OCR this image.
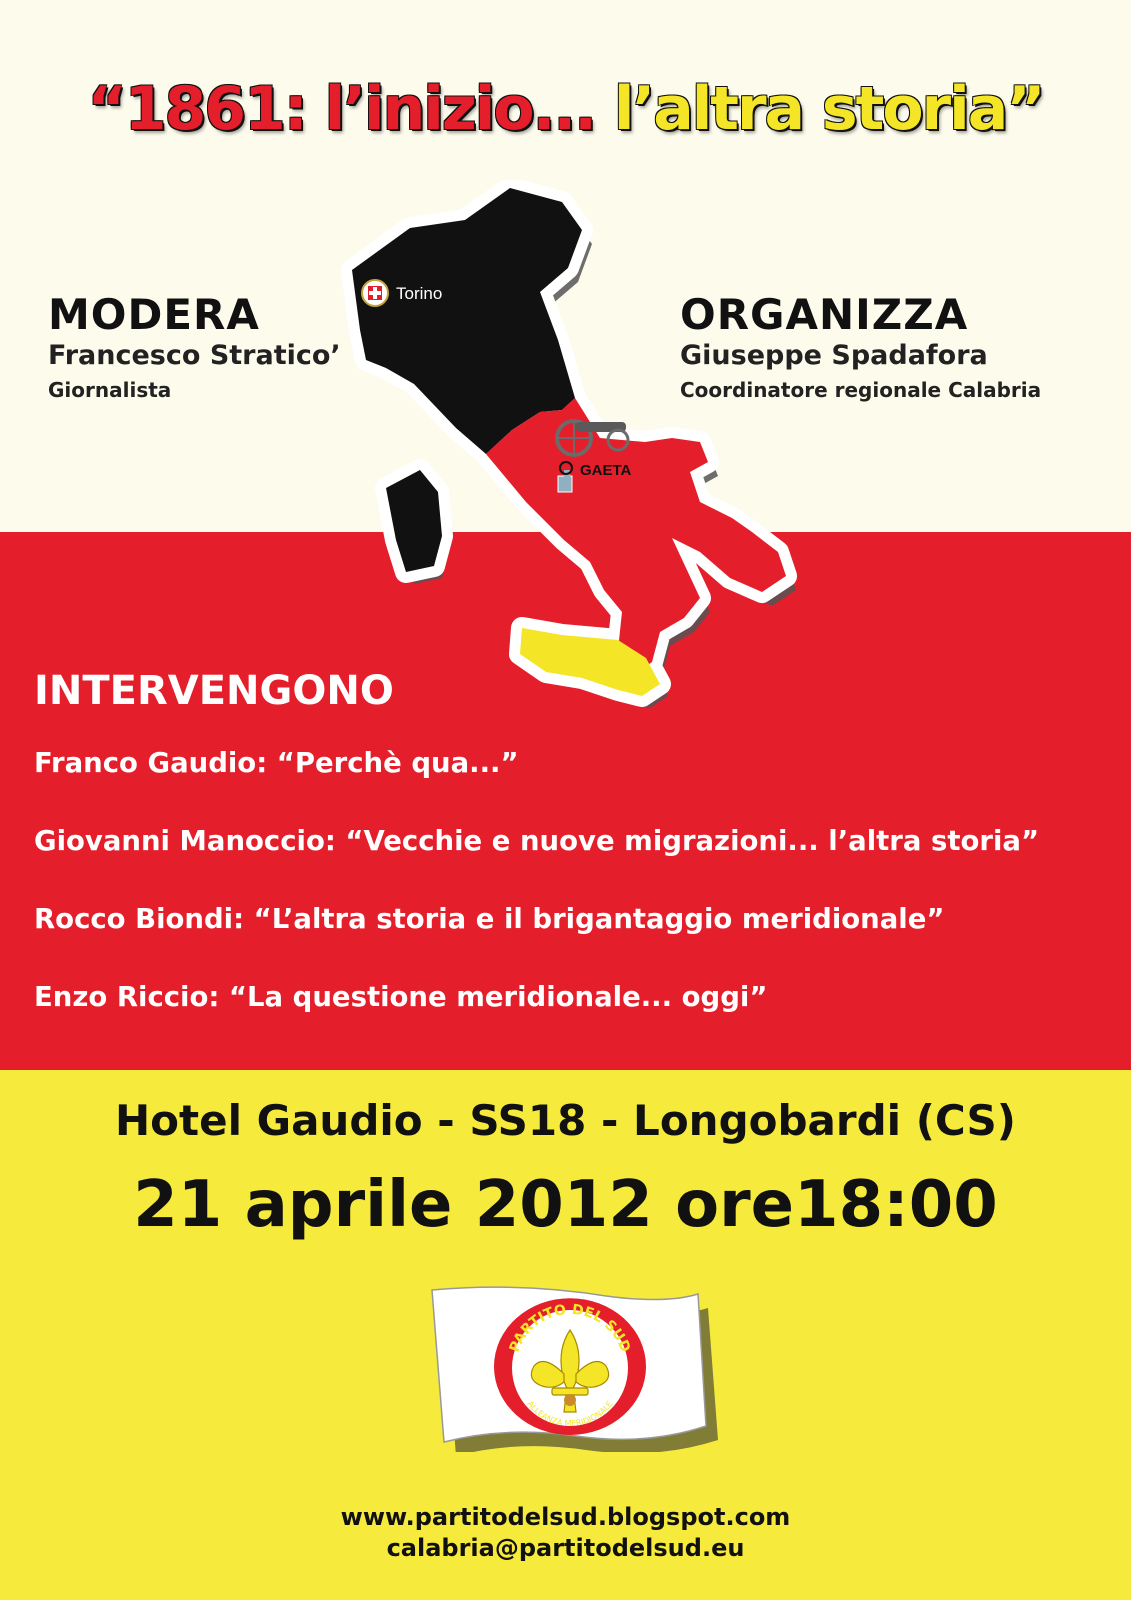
“1861: l’inizio... l’altra storia”
Torino
GAETA
MODERA
Francesco Stratico’
Giornalista
ORGANIZZA
Giuseppe Spadafora
Coordinatore regionale Calabria
INTERVENGONO
Franco Gaudio: “Perchè qua...”
Giovanni Manoccio: “Vecchie e nuove migrazioni... l’altra storia”
Rocco Biondi: “L’altra storia e il brigantaggio meridionale”
Enzo Riccio: “La questione meridionale... oggi”
Hotel Gaudio - SS18 - Longobardi (CS)
21 aprile 2012 ore18:00
PARTITO DEL SUD
ALLEANZA MERIDIONALE
www.partitodelsud.blogspot.com
calabria@partitodelsud.eu
